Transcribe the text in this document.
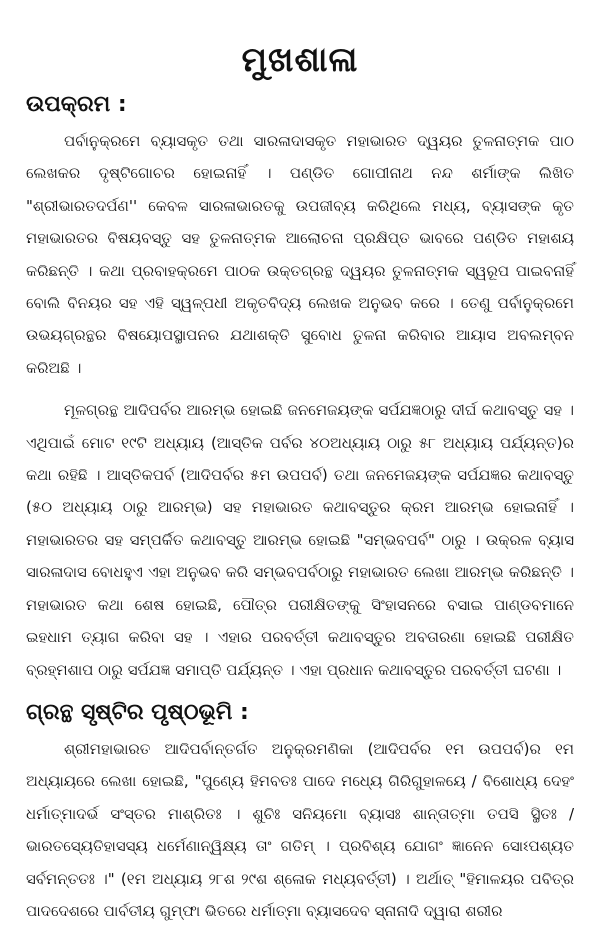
ମୁଖଶାଳା
ଉପକ୍ରମ :

ପର୍ବାନୁକ୍ରମେ ବ୍ୟାସକୃତ ତଥା ସାରଳାଦାସକୃତ ମହାଭାରତ ଦ୍ୱୟର ତୁଳନାତ୍ମକ ପାଠ ଲେଖକର ଦୃଷ୍ଟିଗୋଚର ହୋଇନାହିଁ । ପଣ୍ଡିତ ଗୋପୀନାଥ ନନ୍ଦ ଶର୍ମାଙ୍କ ଲିଖିତ "ଶ୍ରୀଭାରତଦର୍ପଣ'' କେବଳ ସାରଳାଭାରତକୁ ଉପଜୀବ୍ୟ କରିଥିଲେ ମଧ୍ୟ, ବ୍ୟାସଙ୍କ କୃତ ମହାଭାରତର ବିଷୟବସ୍ତୁ ସହ ତୁଳନାତ୍ମକ ଆଲୋଚନା ପ୍ରକ୍ଷିପ୍ତ ଭାବରେ ପଣ୍ଡିତ ମହାଶୟ କରିଛନ୍ତି । କଥା ପ୍ରବାହକ୍ରମେ ପାଠକ ଉକ୍ତଗ୍ରନ୍ଥ ଦ୍ୱୟର ତୁଳନାତ୍ମକ ସ୍ୱରୂପ ପାଇବନାହିଁ ବୋଲି ବିନୟର ସହ ଏହି ସ୍ୱଳ୍ପଧୀ ଅକୃତବିଦ୍ୟ ଲେଖକ ଅନୁଭବ କରେ । ତେଣୁ ପର୍ବାନୁକ୍ରମେ ଉଭୟଗ୍ରନ୍ଥର ବିଷୟୋପସ୍ଥାପନର ଯଥାଶକ୍ତି ସୁବୋଧ ତୁଳନା କରିବାର ଆୟାସ ଅବଲମ୍ବନ କରିଅଛି ।

ମୂଳଗ୍ରନ୍ଥ ଆଦିପର୍ବର ଆରମ୍ଭ ହୋଇଛି ଜନମେଜୟଙ୍କ ସର୍ପଯଜ୍ଞଠାରୁ ଦୀର୍ଘ କଥାବସ୍ତୁ ସହ । ଏଥିପାଇଁ ମୋଟ ୧୯ଟି ଅଧ୍ୟାୟ (ଆସ୍ତିକ ପର୍ବର ୪୦ଅଧ୍ୟାୟ ଠାରୁ ୫୮ ଅଧ୍ୟାୟ ପର୍ଯ୍ୟନ୍ତ)ର କଥା ରହିଛି । ଆସ୍ତିକପର୍ବ (ଆଦିପର୍ବର ୫ମ ଉପପର୍ବ) ତଥା ଜନମେଜୟଙ୍କ ସର୍ପଯଜ୍ଞର କଥାବସ୍ତୁ (୫୦ ଅଧ୍ୟାୟ ଠାରୁ ଆରମ୍ଭ) ସହ ମହାଭାରତ କଥାବସ୍ତୁର କ୍ରମ ଆରମ୍ଭ ହୋଇନାହିଁ । ମହାଭାରତର ସହ ସମ୍ପର୍କିତ କଥାବସ୍ତୁ ଆରମ୍ଭ ହୋଇଛି "ସମ୍ଭବପର୍ବ" ଠାରୁ । ଉକ୍ରଳ ବ୍ୟାସ ସାରଳାଦାସ ବୋଧହୁଏ ଏହା ଅନୁଭବ କରି ସମ୍ଭବପର୍ବଠାରୁ ମହାଭାରତ ଲେଖା ଆରମ୍ଭ କରିଛନ୍ତି । ମହାଭାରତ କଥା ଶେଷ ହୋଇଛି, ପୌତ୍ର ପରୀକ୍ଷିତଙ୍କୁ ସିଂହାସନରେ ବସାଇ ପାଣ୍ଡବମାନେ ଇହଧାମ ତ୍ୟାଗ କରିବା ସହ । ଏହାର ପରବର୍ତ୍ତୀ କଥାବସ୍ତୁର ଅବତାରଣା ହୋଇଛି ପରୀକ୍ଷିତ ବ୍ରହ୍ମଶାପ ଠାରୁ ସର୍ପଯଜ୍ଞ ସମାପ୍ତି ପର୍ଯ୍ୟନ୍ତ । ଏହା ପ୍ରଧାନ କଥାବସ୍ତୁର ପରବର୍ତ୍ତୀ ଘଟଣା ।

ଗ୍ରନ୍ଥ ସୃଷ୍ଟିର ପୃଷ୍ଠଭୂମି :

ଶ୍ରୀମହାଭାରତ ଆଦିପର୍ବାନ୍ତର୍ଗତ ଅନୁକ୍ରମଣିକା (ଆଦିପର୍ବର ୧ମ ଉପପର୍ବ)ର ୧ମ ଅଧ୍ୟାୟରେ ଲେଖା ହୋଇଛି, "ପୁଣ୍ୟେ ହିମବତଃ ପାଦେ ମଧ୍ୟେ ଗିରିଗୁହାଳୟେ / ବିଶୋଧ୍ୟ ଦେହଂ ଧର୍ମାତ୍ମାଦର୍ଭ ସଂସ୍ତର ମାଶ୍ରିତଃ । ଶୁଚିଃ ସନିୟମୋ ବ୍ୟାସଃ ଶାନ୍ତାତ୍ମା ତପସି ସ୍ଥିତଃ / ଭାରତସ୍ୟେତିହାସସ୍ୟ ଧର୍ମେଣାନ୍ୱିକ୍ଷ୍ୟ ତାଂ ଗତିମ୍ । ପ୍ରବିଶ୍ୟ ଯୋଗଂ ଜ୍ଞାନେନ ସୋଽପଶ୍ୟତ ସର୍ବମନ୍ତତଃ ।" (୧ମ ଅଧ୍ୟାୟ ୨୮ଶ ୨୯ଶ ଶ୍ଳୋକ ମଧ୍ୟବର୍ତ୍ତୀ) । ଅର୍ଥାତ୍ "ହିମାଳୟର ପବିତ୍ର ପାଦଦେଶରେ ପାର୍ବତୀୟ ଗୁମ୍ଫା ଭିତରେ ଧର୍ମାତ୍ମା ବ୍ୟାସଦେବ ସ୍ନାନାଦି ଦ୍ୱାରା ଶରୀର
